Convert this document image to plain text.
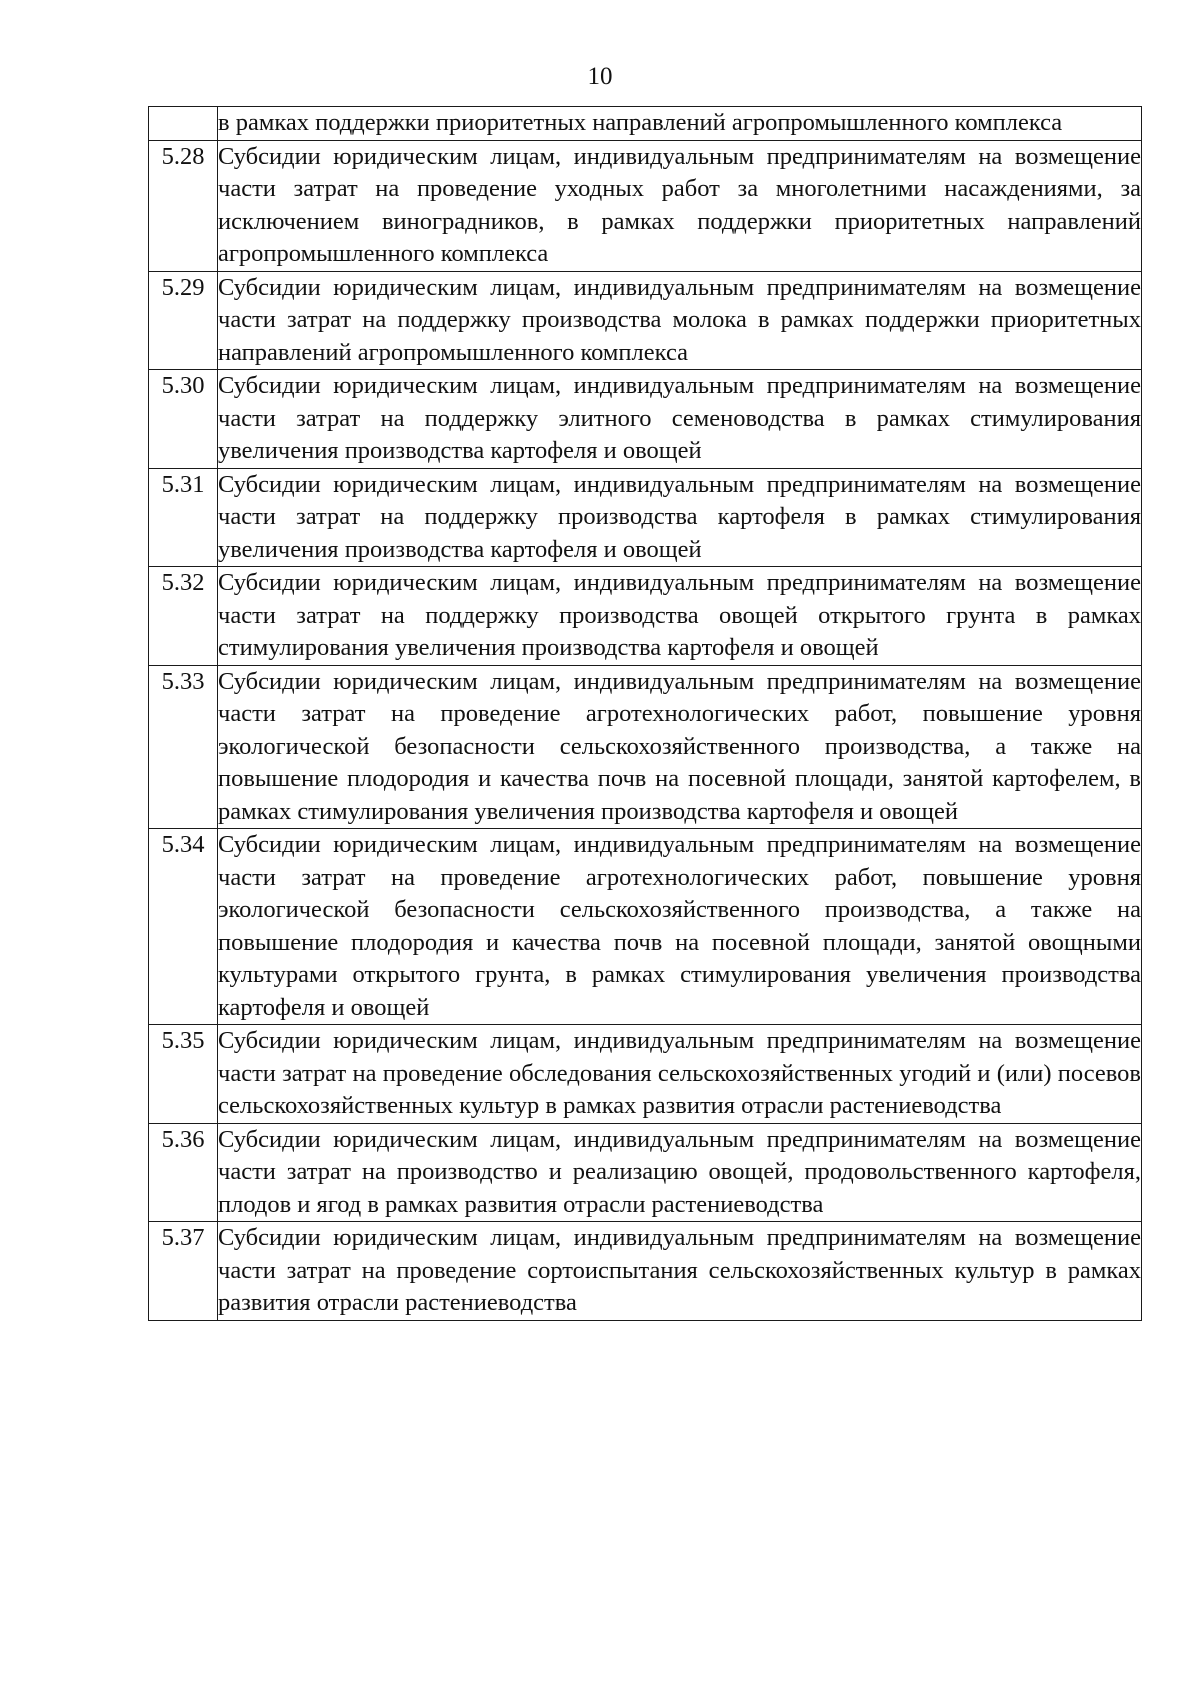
10
	в рамках поддержки приоритетных направлений агропромышленного комплекса
5.28	Субсидии юридическим лицам, индивидуальным предпринимателям на возмещение части затрат на проведение уходных работ за многолетними насаждениями, за исключением виноградников, в рамках поддержки приоритетных направлений агропромышленного комплекса
5.29	Субсидии юридическим лицам, индивидуальным предпринимателям на возмещение части затрат на поддержку производства молока в рамках поддержки приоритетных направлений агропромышленного комплекса
5.30	Субсидии юридическим лицам, индивидуальным предпринимателям на возмещение части затрат на поддержку элитного семеноводства в рамках стимулирования увеличения производства картофеля и овощей
5.31	Субсидии юридическим лицам, индивидуальным предпринимателям на возмещение части затрат на поддержку производства картофеля в рамках стимулирования увеличения производства картофеля и овощей
5.32	Субсидии юридическим лицам, индивидуальным предпринимателям на возмещение части затрат на поддержку производства овощей открытого грунта в рамках стимулирования увеличения производства картофеля и овощей
5.33	Субсидии юридическим лицам, индивидуальным предпринимателям на возмещение части затрат на проведение агротехнологических работ, повышение уровня экологической безопасности сельскохозяйственного производства, а также на повышение плодородия и качества почв на посевной площади, занятой картофелем, в рамках стимулирования увеличения производства картофеля и овощей
5.34	Субсидии юридическим лицам, индивидуальным предпринимателям на возмещение части затрат на проведение агротехнологических работ, повышение уровня экологической безопасности сельскохозяйственного производства, а также на повышение плодородия и качества почв на посевной площади, занятой овощными культурами открытого грунта, в рамках стимулирования увеличения производства картофеля и овощей
5.35	Субсидии юридическим лицам, индивидуальным предпринимателям на возмещение части затрат на проведение обследования сельскохозяйственных угодий и (или) посевов сельскохозяйственных культур в рамках развития отрасли растениеводства
5.36	Субсидии юридическим лицам, индивидуальным предпринимателям на возмещение части затрат на производство и реализацию овощей, продовольственного картофеля, плодов и ягод в рамках развития отрасли растениеводства
5.37	Субсидии юридическим лицам, индивидуальным предпринимателям на возмещение части затрат на проведение сортоиспытания сельскохозяйственных культур в рамках развития отрасли растениеводства
